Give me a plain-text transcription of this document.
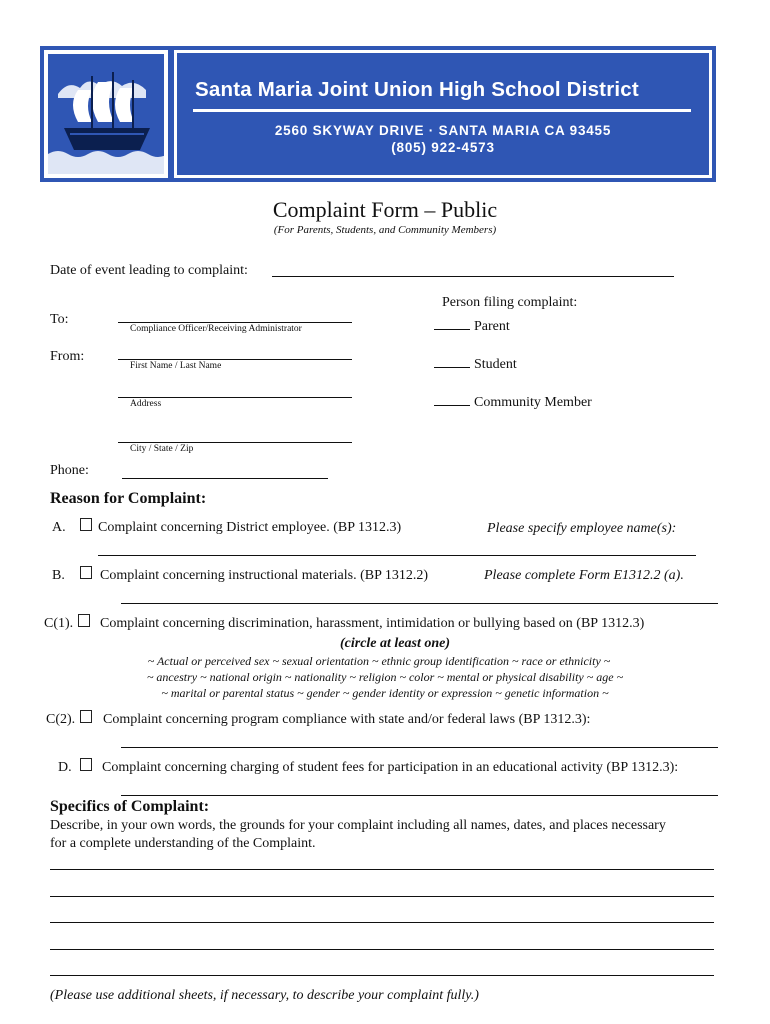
Santa Maria Joint Union High School District
2560 SKYWAY DRIVE · SANTA MARIA CA 93455
(805) 922-4573
Complaint Form – Public
(For Parents, Students, and Community Members)
Date of event leading to complaint:
Person filing complaint:
Parent
Student
Community Member
To:
Compliance Officer/Receiving Administrator
From:
First Name / Last Name
Address
City / State / Zip
Phone:
Reason for Complaint:
A. Complaint concerning District employee. (BP 1312.3)	Please specify employee name(s):
B.	Complaint concerning instructional materials. (BP 1312.2)	Please complete Form E1312.2 (a).
C(1). Complaint concerning discrimination, harassment, intimidation or bullying based on (BP 1312.3)
(circle at least one)
~ Actual or perceived sex ~ sexual orientation ~ ethnic group identification ~ race or ethnicity ~
~ ancestry ~ national origin ~ nationality ~ religion ~ color ~ mental or physical disability ~ age ~
~ marital or parental status ~ gender ~ gender identity or expression ~ genetic information ~
C(2). Complaint concerning program compliance with state and/or federal laws (BP 1312.3):
D. Complaint concerning charging of student fees for participation in an educational activity (BP 1312.3):
Specifics of Complaint:
Describe, in your own words, the grounds for your complaint including all names, dates, and places necessary
for a complete understanding of the Complaint.
(Please use additional sheets, if necessary, to describe your complaint fully.)
